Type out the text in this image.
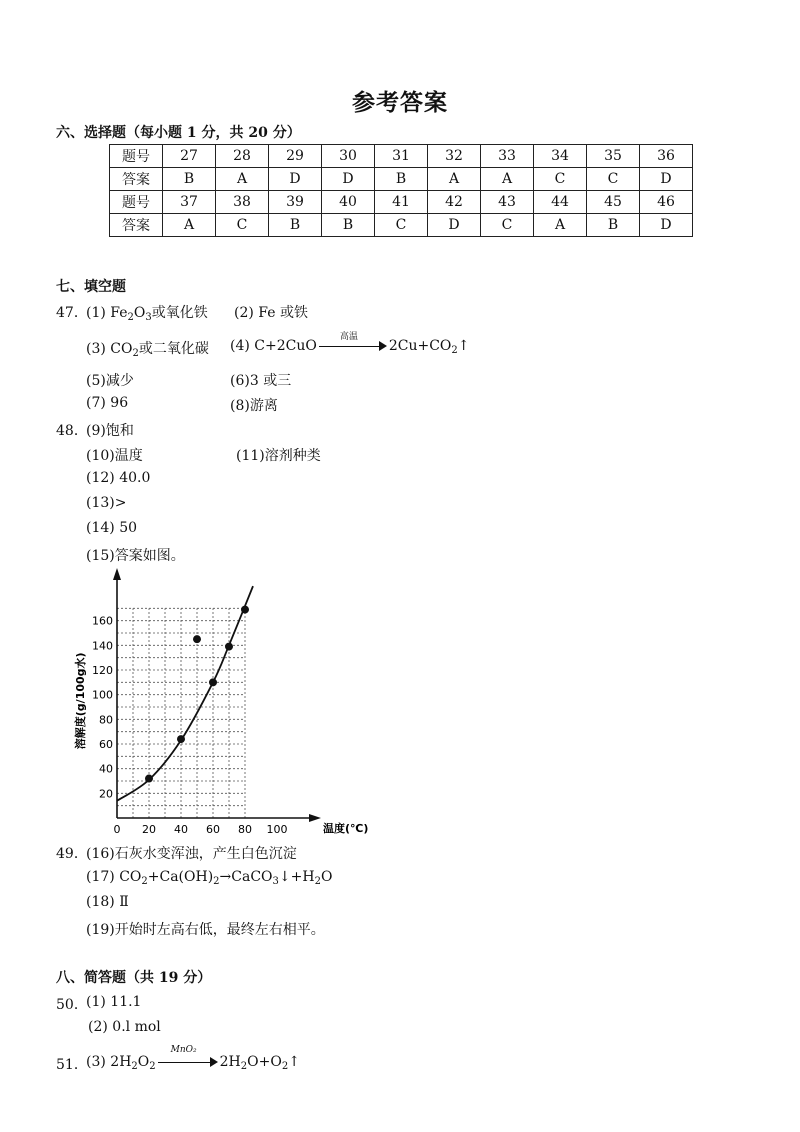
参考答案
六、选择题（每小题 1 分，共 20 分）
题号	27	28	29	30	31	32	33	34	35	36
答案	B	A	D	D	B	A	A	C	C	D
题号	37	38	39	40	41	42	43	44	45	46
答案	A	C	B	B	C	D	C	A	B	D
七、填空题
47．
(1) $Fe_2O_3$或氧化铁 (2) Fe 或铁
(3) $CO_2$或二氧化碳 (4) C+2CuO
高温
$2Cu+CO_2↑$
(5)减少	(6)3 或三
(7) 96	(8)游离
48．
(9)饱和
(10)温度	(11)溶剂种类
(12) 40.0
(13)>
(14) 50
(15)答案如图。
20
40
60
80
100
120
140
160
0 20 40 60 80 100	温度(℃)
溶解度(g/100g水)
49．
(16)石灰水变浑浊，产生白色沉淀
(17) $CO_2+Ca(OH)_2\to CaCO_3↓+H_2O$
(18) Ⅱ
(19)开始时左高右低，最终左右相平。
八、简答题（共 19 分）
50．
(1) 11.1
(2) 0.l mol
51．
(3) $2H_2O_2$
MnO₂
$2H_2O+O_2↑$
